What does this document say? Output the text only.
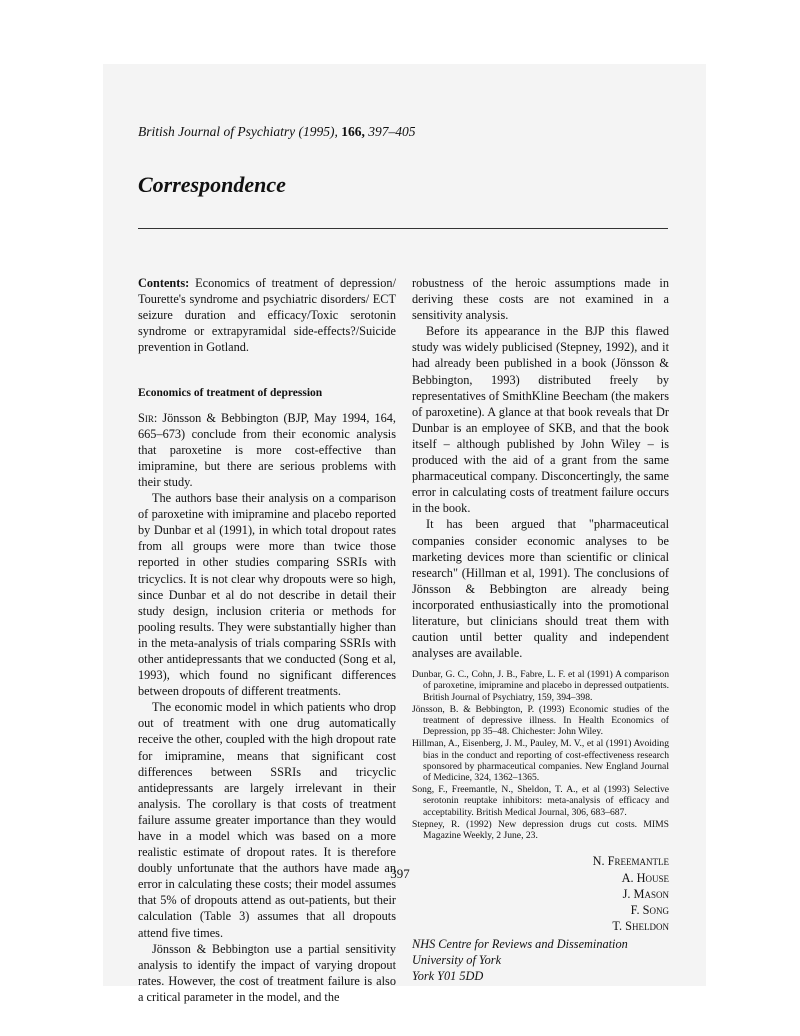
British Journal of Psychiatry (1995), 166, 397–405
Correspondence

Contents: Economics of treatment of depression/ Tourette's syndrome and psychiatric disorders/ ECT seizure duration and efficacy/Toxic serotonin syndrome or extrapyramidal side-effects?/Suicide prevention in Gotland.

Economics of treatment of depression

Sir: Jönsson & Bebbington (BJP, May 1994, 164, 665–673) conclude from their economic analysis that paroxetine is more cost-effective than imipramine, but there are serious problems with their study.

The authors base their analysis on a comparison of paroxetine with imipramine and placebo reported by Dunbar et al (1991), in which total dropout rates from all groups were more than twice those reported in other studies comparing SSRIs with tricyclics. It is not clear why dropouts were so high, since Dunbar et al do not describe in detail their study design, inclusion criteria or methods for pooling results. They were substantially higher than in the meta-analysis of trials comparing SSRIs with other antidepressants that we conducted (Song et al, 1993), which found no significant differences between dropouts of different treatments.

The economic model in which patients who drop out of treatment with one drug automatically receive the other, coupled with the high dropout rate for imipramine, means that significant cost differences between SSRIs and tricyclic antidepressants are largely irrelevant in their analysis. The corollary is that costs of treatment failure assume greater importance than they would have in a model which was based on a more realistic estimate of dropout rates. It is therefore doubly unfortunate that the authors have made an error in calculating these costs; their model assumes that 5% of dropouts attend as out-patients, but their calculation (Table 3) assumes that all dropouts attend five times.

Jönsson & Bebbington use a partial sensitivity analysis to identify the impact of varying dropout rates. However, the cost of treatment failure is also a critical parameter in the model, and the

robustness of the heroic assumptions made in deriving these costs are not examined in a sensitivity analysis.

Before its appearance in the BJP this flawed study was widely publicised (Stepney, 1992), and it had already been published in a book (Jönsson & Bebbington, 1993) distributed freely by representatives of SmithKline Beecham (the makers of paroxetine). A glance at that book reveals that Dr Dunbar is an employee of SKB, and that the book itself – although published by John Wiley – is produced with the aid of a grant from the same pharmaceutical company. Disconcertingly, the same error in calculating costs of treatment failure occurs in the book.

It has been argued that "pharmaceutical companies consider economic analyses to be marketing devices more than scientific or clinical research" (Hillman et al, 1991). The conclusions of Jönsson & Bebbington are already being incorporated enthusiastically into the promotional literature, but clinicians should treat them with caution until better quality and independent analyses are available.

Dunbar, G. C., Cohn, J. B., Fabre, L. F. et al (1991) A comparison of paroxetine, imipramine and placebo in depressed outpatients. British Journal of Psychiatry, 159, 394–398.

Jönsson, B. & Bebbington, P. (1993) Economic studies of the treatment of depressive illness. In Health Economics of Depression, pp 35–48. Chichester: John Wiley.

Hillman, A., Eisenberg, J. M., Pauley, M. V., et al (1991) Avoiding bias in the conduct and reporting of cost-effectiveness research sponsored by pharmaceutical companies. New England Journal of Medicine, 324, 1362–1365.

Song, F., Freemantle, N., Sheldon, T. A., et al (1993) Selective serotonin reuptake inhibitors: meta-analysis of efficacy and acceptability. British Medical Journal, 306, 683–687.

Stepney, R. (1992) New depression drugs cut costs. MIMS Magazine Weekly, 2 June, 23.

N. Freemantle
A. House
J. Mason
F. Song
T. Sheldon
NHS Centre for Reviews and Dissemination
University of York
York Y01 5DD
397
